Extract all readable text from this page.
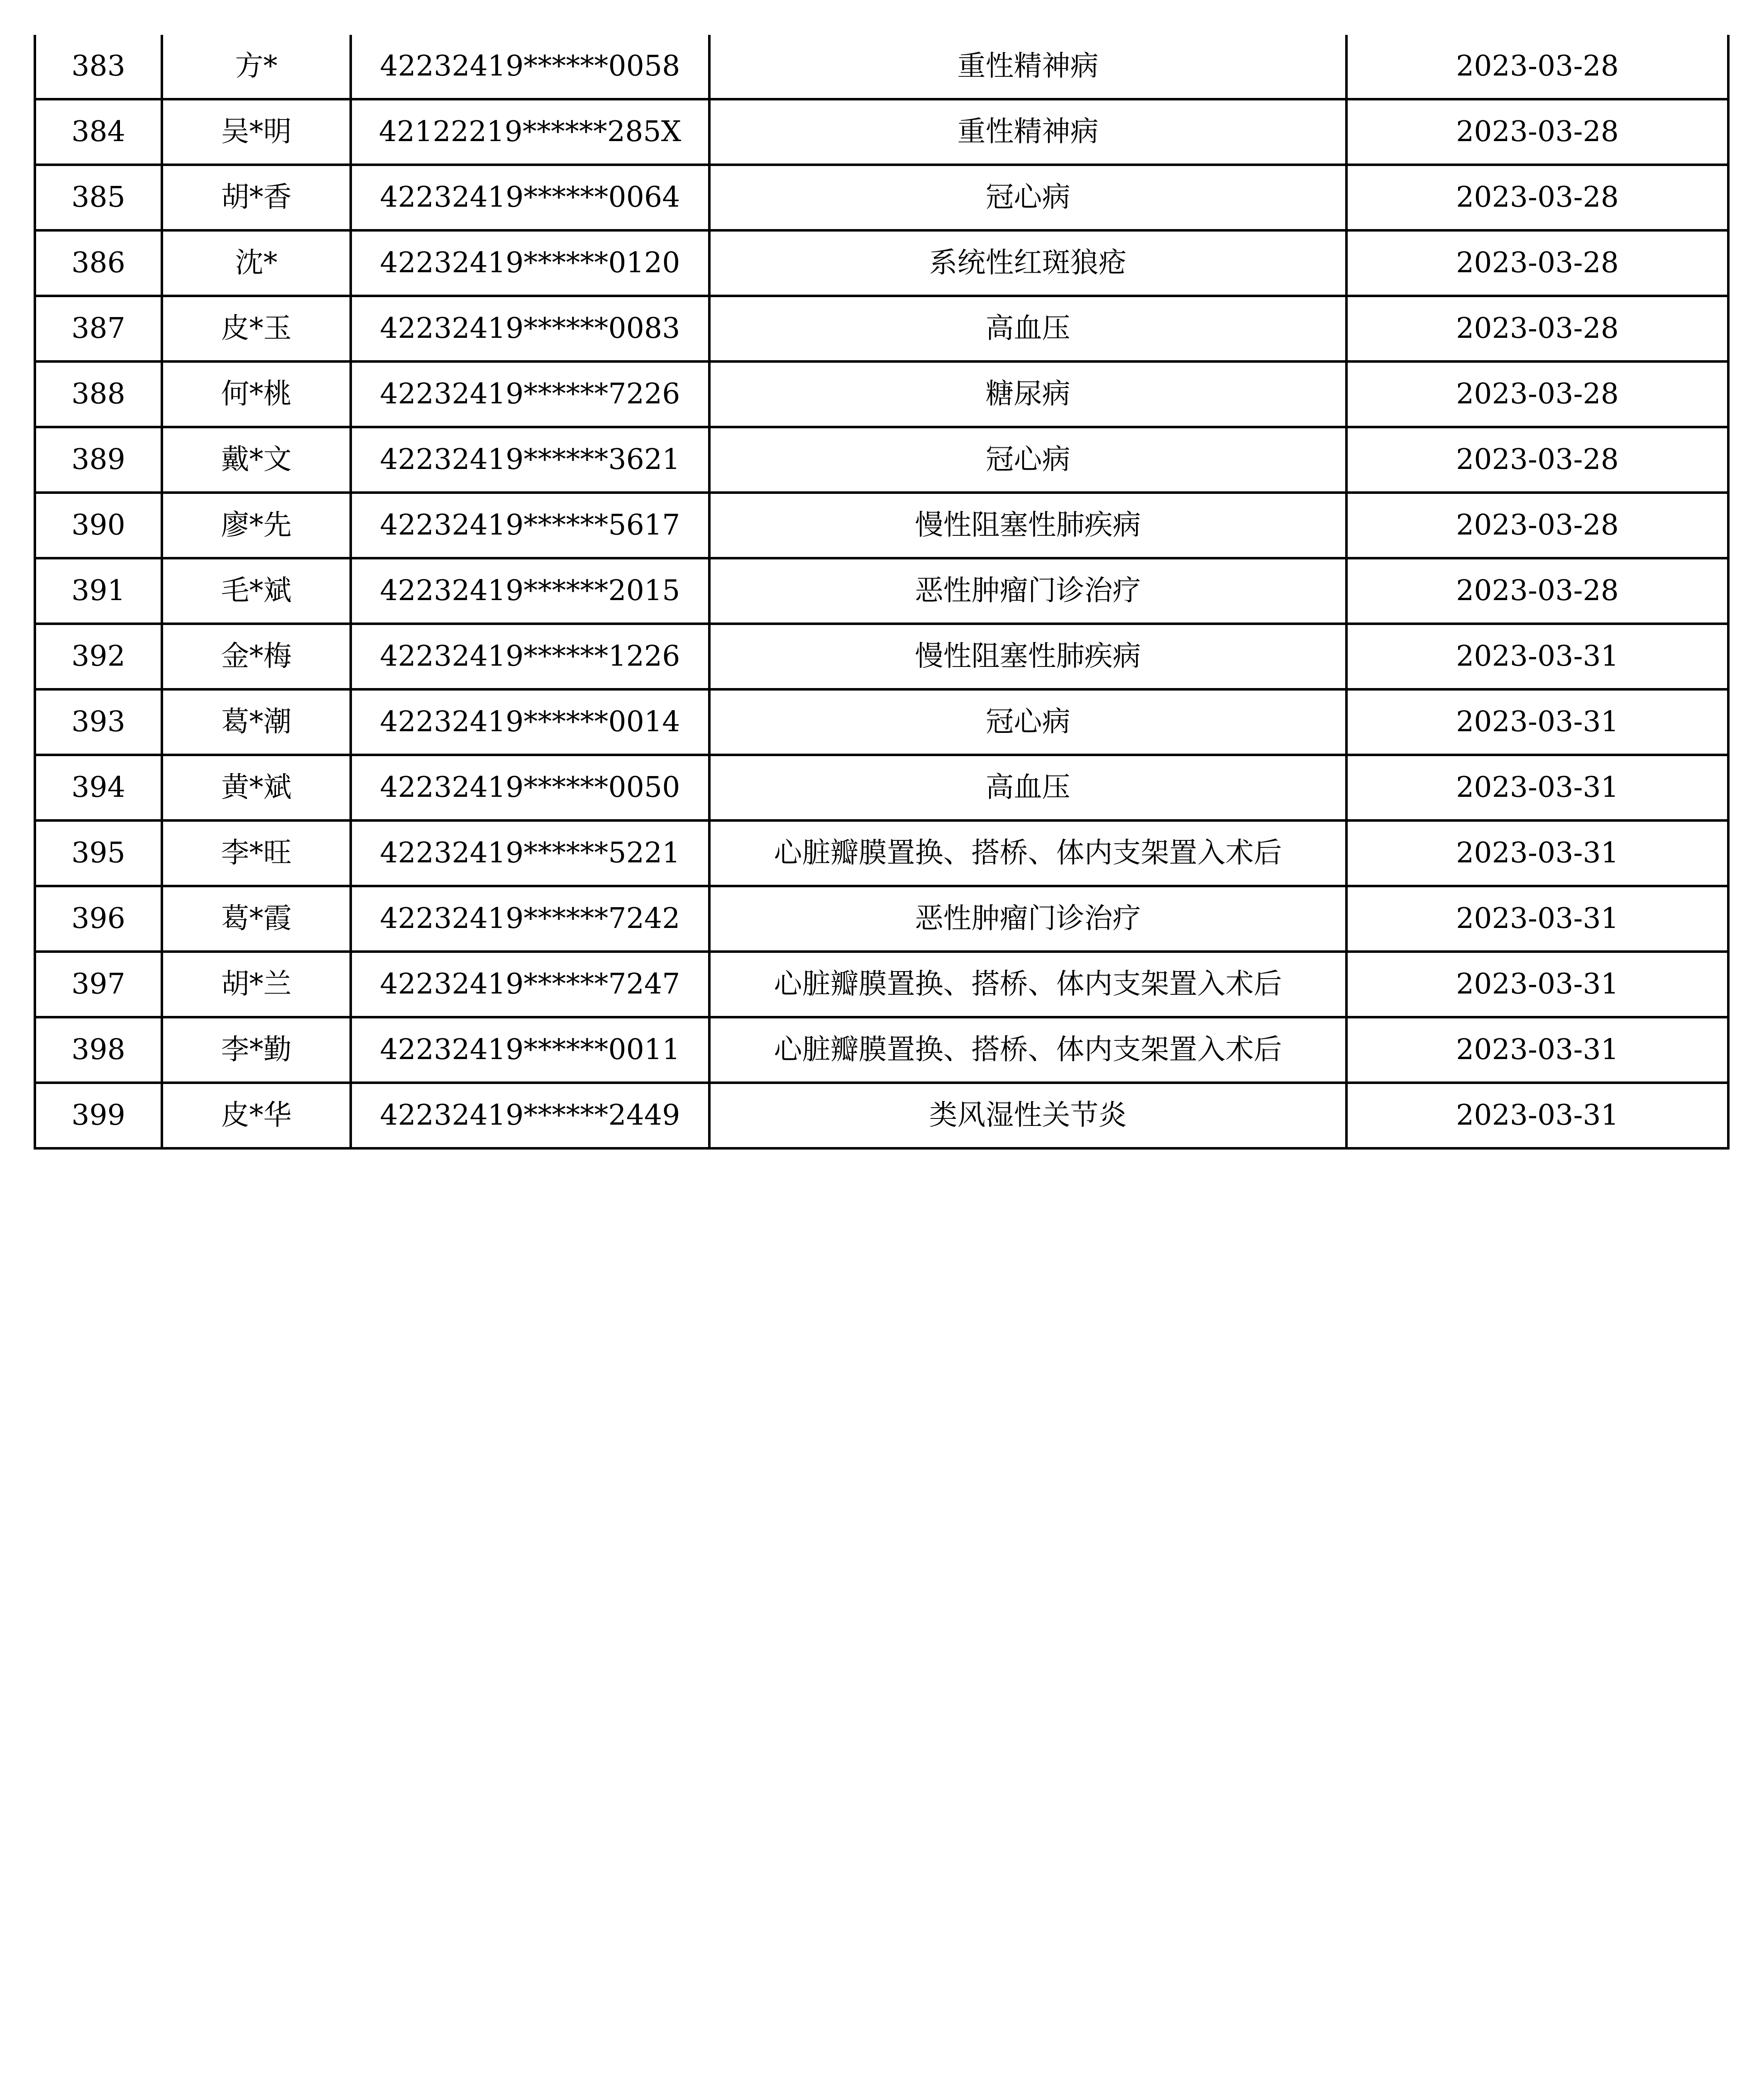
383	方*	42232419******0058	重性精神病	2023-03-28
384	吴*明	42122219******285X	重性精神病	2023-03-28
385	胡*香	42232419******0064	冠心病	2023-03-28
386	沈*	42232419******0120	系统性红斑狼疮	2023-03-28
387	皮*玉	42232419******0083	高血压	2023-03-28
388	何*桃	42232419******7226	糖尿病	2023-03-28
389	戴*文	42232419******3621	冠心病	2023-03-28
390	廖*先	42232419******5617	慢性阻塞性肺疾病	2023-03-28
391	毛*斌	42232419******2015	恶性肿瘤门诊治疗	2023-03-28
392	金*梅	42232419******1226	慢性阻塞性肺疾病	2023-03-31
393	葛*潮	42232419******0014	冠心病	2023-03-31
394	黄*斌	42232419******0050	高血压	2023-03-31
395	李*旺	42232419******5221	心脏瓣膜置换、搭桥、体内支架置入术后	2023-03-31
396	葛*霞	42232419******7242	恶性肿瘤门诊治疗	2023-03-31
397	胡*兰	42232419******7247	心脏瓣膜置换、搭桥、体内支架置入术后	2023-03-31
398	李*勤	42232419******0011	心脏瓣膜置换、搭桥、体内支架置入术后	2023-03-31
399	皮*华	42232419******2449	类风湿性关节炎	2023-03-31
